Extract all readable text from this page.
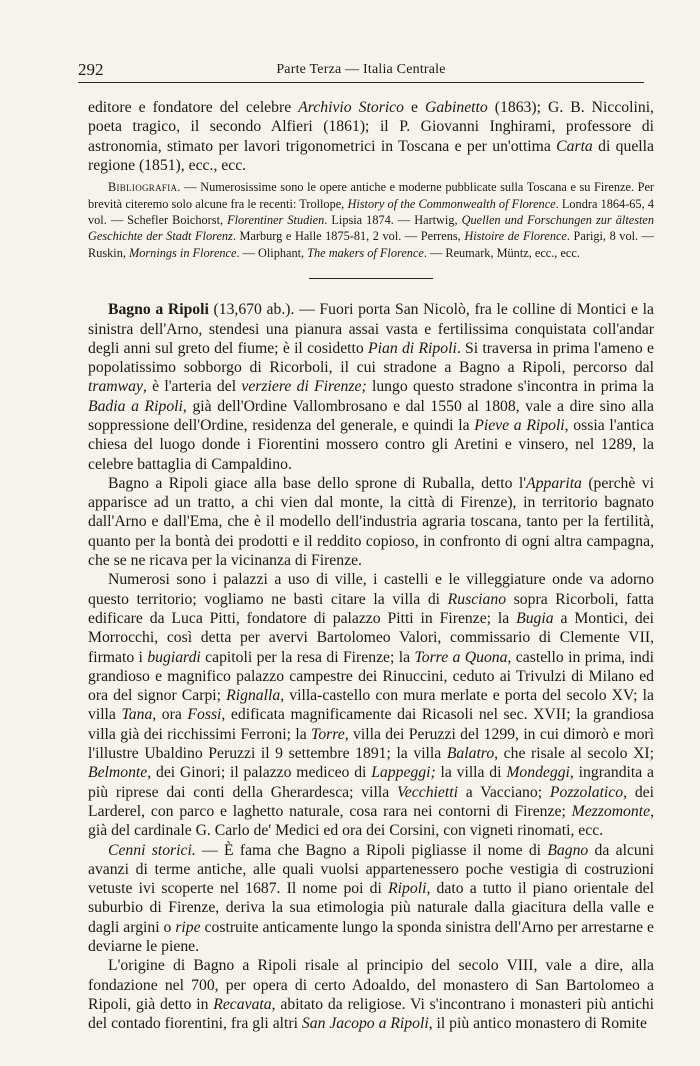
292	Parte Terza — Italia Centrale

editore e fondatore del celebre Archivio Storico e Gabinetto (1863); G. B. Niccolini, poeta tragico, il secondo Alfieri (1861); il P. Giovanni Inghirami, professore di astronomia, stimato per lavori trigonometrici in Toscana e per un'ottima Carta di quella regione (1851), ecc., ecc.

Bibliografia. — Numerosissime sono le opere antiche e moderne pubblicate sulla Toscana e su Firenze. Per brevità citeremo solo alcune fra le recenti: Trollope, History of the Commonwealth of Florence. Londra 1864-65, 4 vol. — Schefler Boichorst, Florentiner Studien. Lipsia 1874. — Hartwig, Quellen und Forschungen zur ältesten Geschichte der Stadt Florenz. Marburg e Halle 1875-81, 2 vol. — Perrens, Histoire de Florence. Parigi, 8 vol. — Ruskin, Mornings in Florence. — Oliphant, The makers of Florence. — Reumark, Müntz, ecc., ecc.

Bagno a Ripoli (13,670 ab.). — Fuori porta San Nicolò, fra le colline di Montici e la sinistra dell'Arno, stendesi una pianura assai vasta e fertilissima conquistata coll'andar degli anni sul greto del fiume; è il cosidetto Pian di Ripoli. Si traversa in prima l'ameno e popolatissimo sobborgo di Ricorboli, il cui stradone a Bagno a Ripoli, percorso dal tramway, è l'arteria del verziere di Firenze; lungo questo stradone s'incontra in prima la Badia a Ripoli, già dell'Ordine Vallombrosano e dal 1550 al 1808, vale a dire sino alla soppressione dell'Ordine, residenza del generale, e quindi la Pieve a Ripoli, ossia l'antica chiesa del luogo donde i Fiorentini mossero contro gli Aretini e vinsero, nel 1289, la celebre battaglia di Campaldino.

Bagno a Ripoli giace alla base dello sprone di Ruballa, detto l'Apparita (perchè vi apparisce ad un tratto, a chi vien dal monte, la città di Firenze), in territorio bagnato dall'Arno e dall'Ema, che è il modello dell'industria agraria toscana, tanto per la fertilità, quanto per la bontà dei prodotti e il reddito copioso, in confronto di ogni altra campagna, che se ne ricava per la vicinanza di Firenze.

Numerosi sono i palazzi a uso di ville, i castelli e le villeggiature onde va adorno questo territorio; vogliamo ne basti citare la villa di Rusciano sopra Ricorboli, fatta edificare da Luca Pitti, fondatore di palazzo Pitti in Firenze; la Bugia a Montici, dei Morrocchi, così detta per avervi Bartolomeo Valori, commissario di Clemente VII, firmato i bugiardi capitoli per la resa di Firenze; la Torre a Quona, castello in prima, indi grandioso e magnifico palazzo campestre dei Rinuccini, ceduto ai Trivulzi di Milano ed ora del signor Carpi; Rignalla, villa-castello con mura merlate e porta del secolo XV; la villa Tana, ora Fossi, edificata magnificamente dai Ricasoli nel sec. XVII; la grandiosa villa già dei ricchissimi Ferroni; la Torre, villa dei Peruzzi del 1299, in cui dimorò e morì l'illustre Ubaldino Peruzzi il 9 settembre 1891; la villa Balatro, che risale al secolo XI; Belmonte, dei Ginori; il palazzo mediceo di Lappeggi; la villa di Mondeggi, ingrandita a più riprese dai conti della Gherardesca; villa Vecchietti a Vacciano; Pozzolatico, dei Larderel, con parco e laghetto naturale, cosa rara nei contorni di Firenze; Mezzomonte, già del cardinale G. Carlo de' Medici ed ora dei Corsini, con vigneti rinomati, ecc.

Cenni storici. — È fama che Bagno a Ripoli pigliasse il nome di Bagno da alcuni avanzi di terme antiche, alle quali vuolsi appartenessero poche vestigia di costruzioni vetuste ivi scoperte nel 1687. Il nome poi di Ripoli, dato a tutto il piano orientale del suburbio di Firenze, deriva la sua etimologia più naturale dalla giacitura della valle e dagli argini o ripe costruite anticamente lungo la sponda sinistra dell'Arno per arrestarne e deviarne le piene.

L'origine di Bagno a Ripoli risale al principio del secolo VIII, vale a dire, alla fondazione nel 700, per opera di certo Adoaldo, del monastero di San Bartolomeo a Ripoli, già detto in Recavata, abitato da religiose. Vi s'incontrano i monasteri più antichi del contado fiorentini, fra gli altri San Jacopo a Ripoli, il più antico monastero di Romite
